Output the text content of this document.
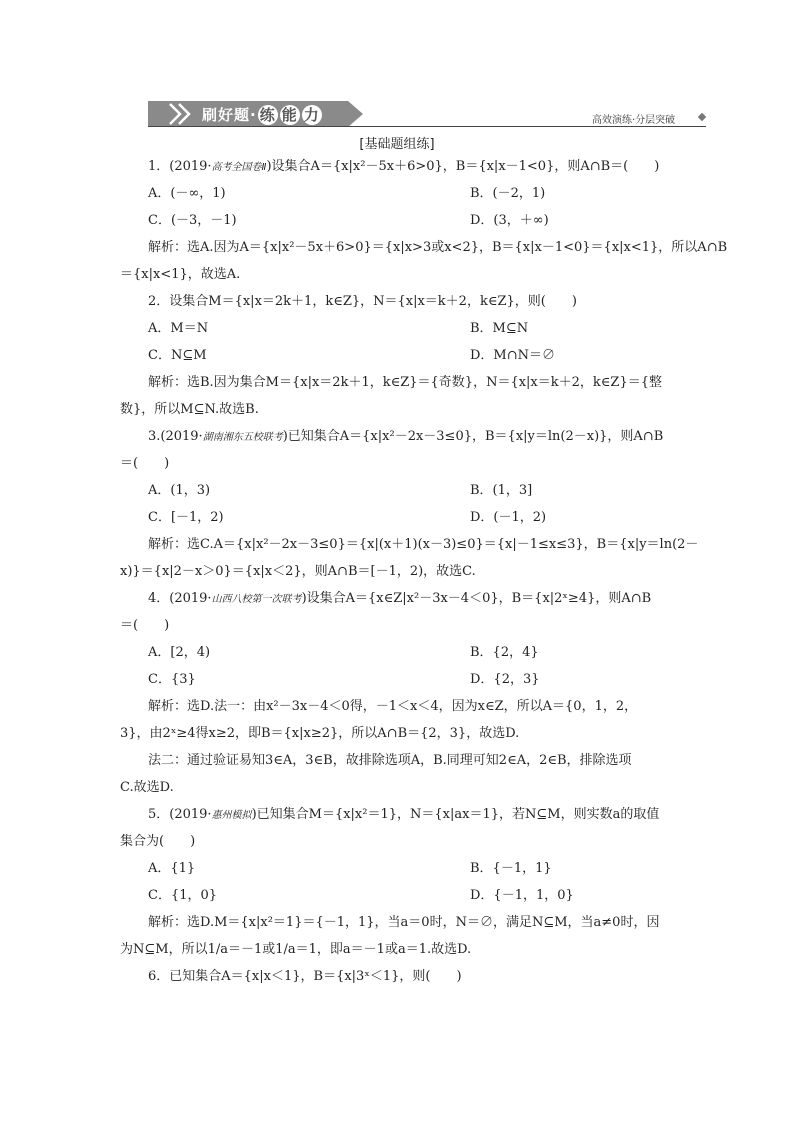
刷好题· 练 能 力	高效演练·分层突破
[基础题组练]
1．(2019·高考全国卷Ⅱ)设集合A＝{x|x²－5x＋6>0}，B＝{x|x－1<0}，则A∩B＝(　　)
A．(－∞，1)	B．(－2，1)
C．(－3，－1)	D．(3，＋∞)
解析：选A.因为A＝{x|x²－5x＋6>0}＝{x|x>3或x<2}，B＝{x|x－1<0}＝{x|x<1}，所以A∩B
＝{x|x<1}，故选A.
2．设集合M＝{x|x＝2k＋1，k∈Z}，N＝{x|x＝k＋2，k∈Z}，则(　　)
A．M＝N	B．M⊆N
C．N⊆M	D．M∩N＝∅
解析：选B.因为集合M＝{x|x＝2k＋1，k∈Z}＝{奇数}，N＝{x|x＝k＋2，k∈Z}＝{整
数}，所以M⊆N.故选B.
3.(2019·湖南湘东五校联考)已知集合A＝{x|x²－2x－3≤0}，B＝{x|y＝ln(2－x)}，则A∩B
＝(　　)
A．(1，3)	B．(1，3]
C．[－1，2)	D．(－1，2)
解析：选C.A＝{x|x²－2x－3≤0}＝{x|(x＋1)(x－3)≤0}＝{x|－1≤x≤3}，B＝{x|y＝ln(2－
x)}＝{x|2－x＞0}＝{x|x＜2}，则A∩B＝[－1，2)，故选C.
4．(2019·山西八校第一次联考)设集合A＝{x∈Z|x²－3x－4＜0}，B＝{x|2ˣ≥4}，则A∩B
＝(　　)
A．[2，4)	B．{2，4}
C．{3}	D．{2，3}
解析：选D.法一：由x²－3x－4＜0得，－1＜x＜4，因为x∈Z，所以A＝{0，1，2，
3}，由2ˣ≥4得x≥2，即B＝{x|x≥2}，所以A∩B＝{2，3}，故选D.
法二：通过验证易知3∈A，3∈B，故排除选项A，B.同理可知2∈A，2∈B，排除选项
C.故选D.
5．(2019·惠州模拟)已知集合M＝{x|x²＝1}，N＝{x|ax＝1}，若N⊆M，则实数a的取值
集合为(　　)
A．{1}	B．{－1，1}
C．{1，0}	D．{－1，1，0}
解析：选D.M＝{x|x²＝1}＝{－1，1}，当a＝0时，N＝∅，满足N⊆M，当a≠0时，因
为N⊆M，所以1/a＝－1或1/a＝1，即a＝－1或a＝1.故选D.
6．已知集合A＝{x|x＜1}，B＝{x|3ˣ＜1}，则(　　)
